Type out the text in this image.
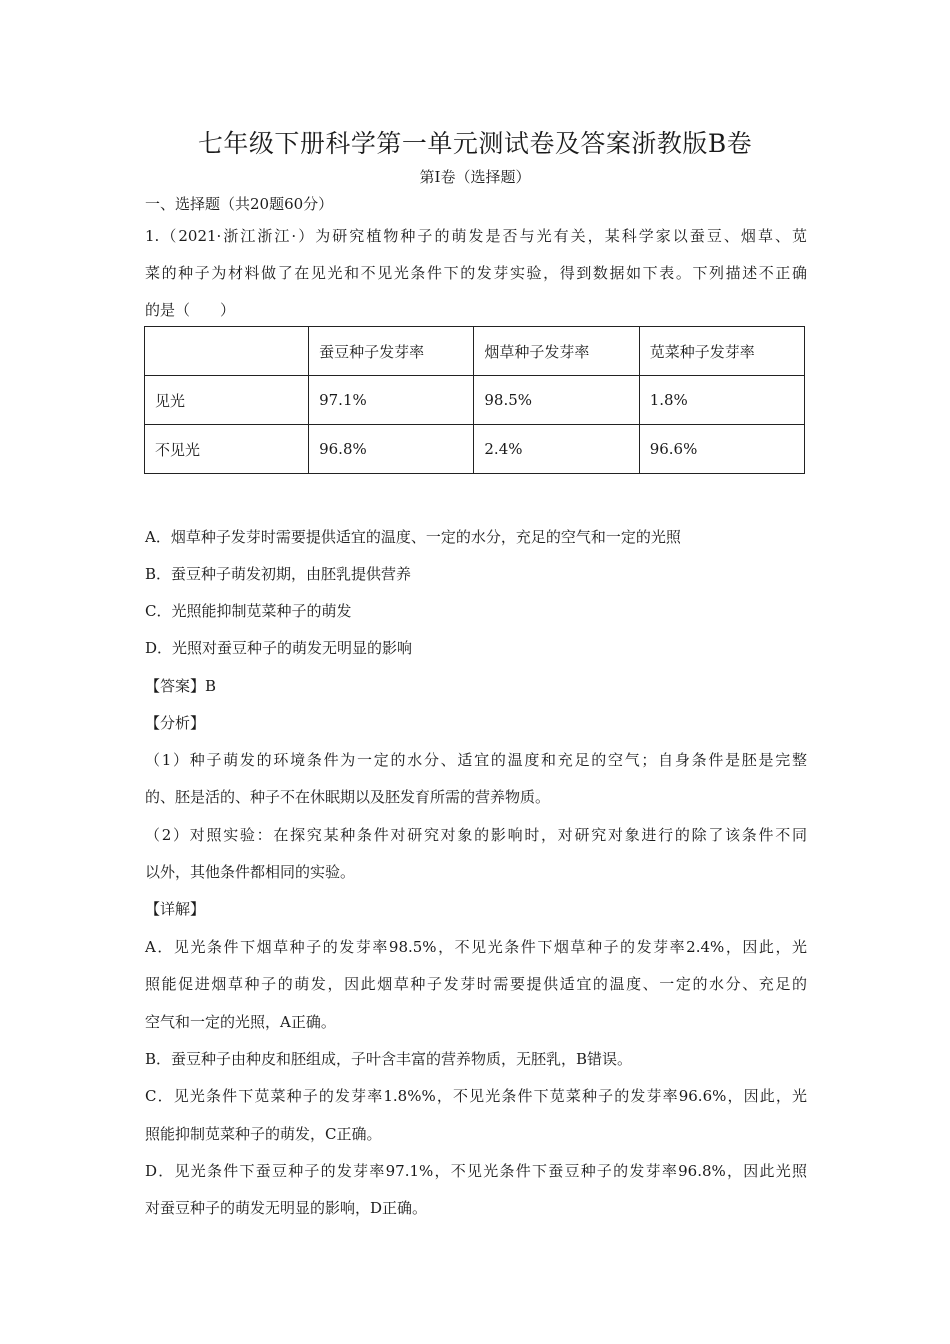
七年级下册科学第一单元测试卷及答案浙教版B卷
第Ⅰ卷（选择题）
一、选择题（共20题60分）
1.（2021·浙江浙江·）为研究植物种子的萌发是否与光有关，某科学家以蚕豆、烟草、苋
菜的种子为材料做了在见光和不见光条件下的发芽实验，得到数据如下表。下列描述不正确
的是（　　）
	蚕豆种子发芽率	烟草种子发芽率	苋菜种子发芽率
见光	97.1%	98.5%	1.8%
不见光	96.8%	2.4%	96.6%
A．烟草种子发芽时需要提供适宜的温度、一定的水分，充足的空气和一定的光照
B．蚕豆种子萌发初期，由胚乳提供营养
C．光照能抑制苋菜种子的萌发
D．光照对蚕豆种子的萌发无明显的影响
【答案】B
【分析】
（1）种子萌发的环境条件为一定的水分、适宜的温度和充足的空气；自身条件是胚是完整
的、胚是活的、种子不在休眠期以及胚发育所需的营养物质。
（2）对照实验：在探究某种条件对研究对象的影响时，对研究对象进行的除了该条件不同
以外，其他条件都相同的实验。
【详解】
A．见光条件下烟草种子的发芽率98.5%，不见光条件下烟草种子的发芽率2.4%，因此，光
照能促进烟草种子的萌发，因此烟草种子发芽时需要提供适宜的温度、一定的水分、充足的
空气和一定的光照，A正确。
B．蚕豆种子由种皮和胚组成，子叶含丰富的营养物质，无胚乳，B错误。
C．见光条件下苋菜种子的发芽率1.8%%，不见光条件下苋菜种子的发芽率96.6%，因此，光
照能抑制苋菜种子的萌发，C正确。
D．见光条件下蚕豆种子的发芽率97.1%，不见光条件下蚕豆种子的发芽率96.8%，因此光照
对蚕豆种子的萌发无明显的影响，D正确。
